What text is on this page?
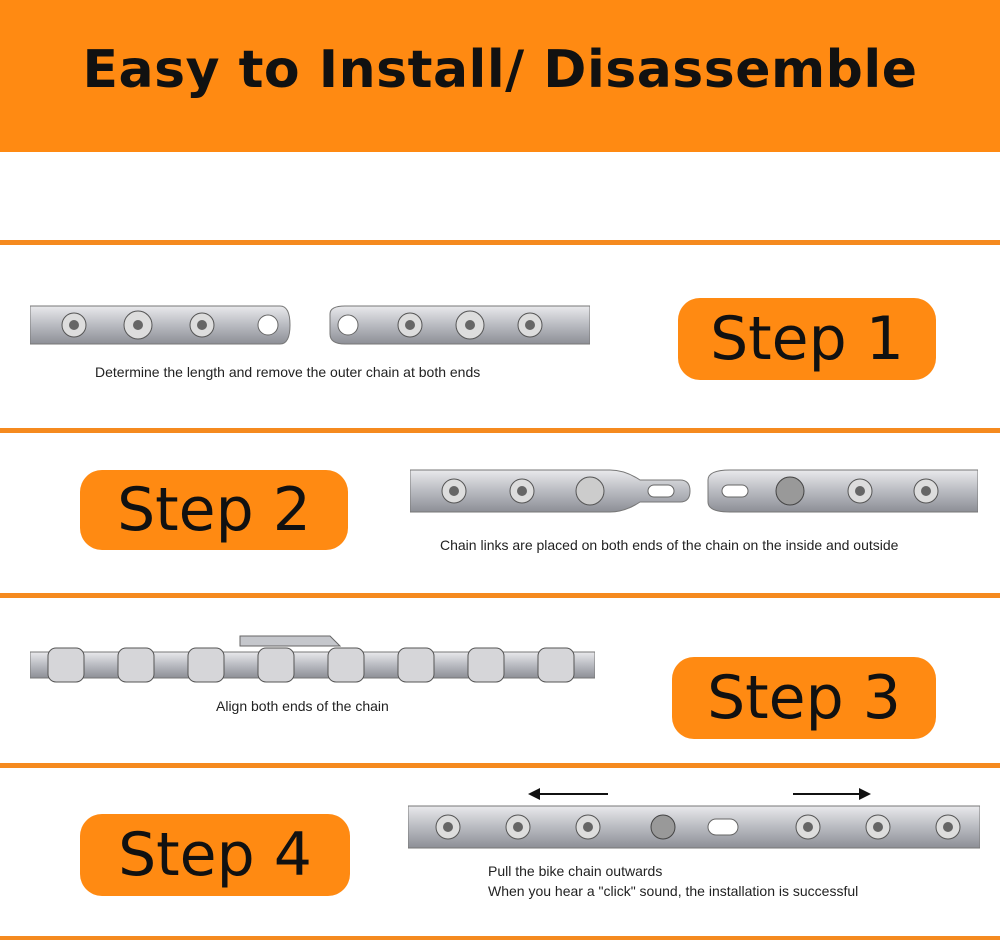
Easy to Install/ Disassemble
Determine the length and remove the outer chain at both ends	Step 1
Step 2	Chain links are placed on both ends of the chain on the inside and outside
Align both ends of the chain	Step 3
Step 4	Pull the bike chain outwards
When you hear a "click" sound, the installation is successful
